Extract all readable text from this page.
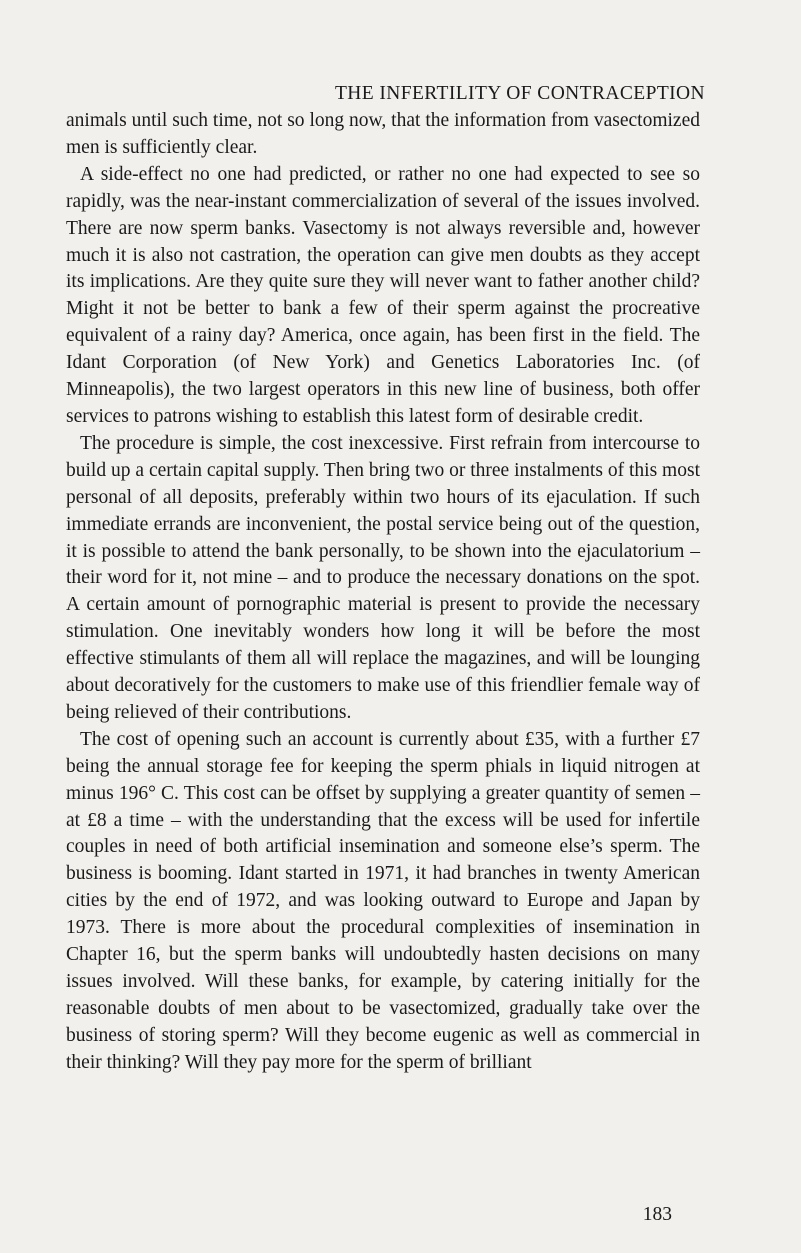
THE INFERTILITY OF CONTRACEPTION

animals until such time, not so long now, that the information from vasectomized men is sufficiently clear.

A side-effect no one had predicted, or rather no one had expected to see so rapidly, was the near-instant commercialization of several of the issues involved. There are now sperm banks. Vasectomy is not always reversible and, however much it is also not castration, the operation can give men doubts as they accept its implications. Are they quite sure they will never want to father another child? Might it not be better to bank a few of their sperm against the procreative equivalent of a rainy day? America, once again, has been first in the field. The Idant Corporation (of New York) and Genetics Laboratories Inc. (of Minneapolis), the two largest operators in this new line of business, both offer services to patrons wishing to establish this latest form of desirable credit.

The procedure is simple, the cost inexcessive. First refrain from intercourse to build up a certain capital supply. Then bring two or three instalments of this most personal of all deposits, preferably within two hours of its ejaculation. If such immediate errands are inconvenient, the postal service being out of the question, it is possible to attend the bank personally, to be shown into the ejaculatorium – their word for it, not mine – and to produce the necessary donations on the spot. A certain amount of pornographic material is present to provide the necessary stimulation. One inevitably wonders how long it will be before the most effective stimulants of them all will replace the magazines, and will be lounging about decoratively for the customers to make use of this friendlier female way of being relieved of their contributions.

The cost of opening such an account is currently about £35, with a further £7 being the annual storage fee for keeping the sperm phials in liquid nitrogen at minus 196° C. This cost can be offset by supplying a greater quantity of semen – at £8 a time – with the understanding that the excess will be used for infertile couples in need of both artificial insemination and someone else’s sperm. The business is booming. Idant started in 1971, it had branches in twenty American cities by the end of 1972, and was looking outward to Europe and Japan by 1973. There is more about the procedural complexities of insemination in Chapter 16, but the sperm banks will undoubtedly hasten decisions on many issues involved. Will these banks, for example, by catering initially for the reasonable doubts of men about to be vasectomized, gradually take over the business of storing sperm? Will they become eugenic as well as commercial in their thinking? Will they pay more for the sperm of brilliant

183
